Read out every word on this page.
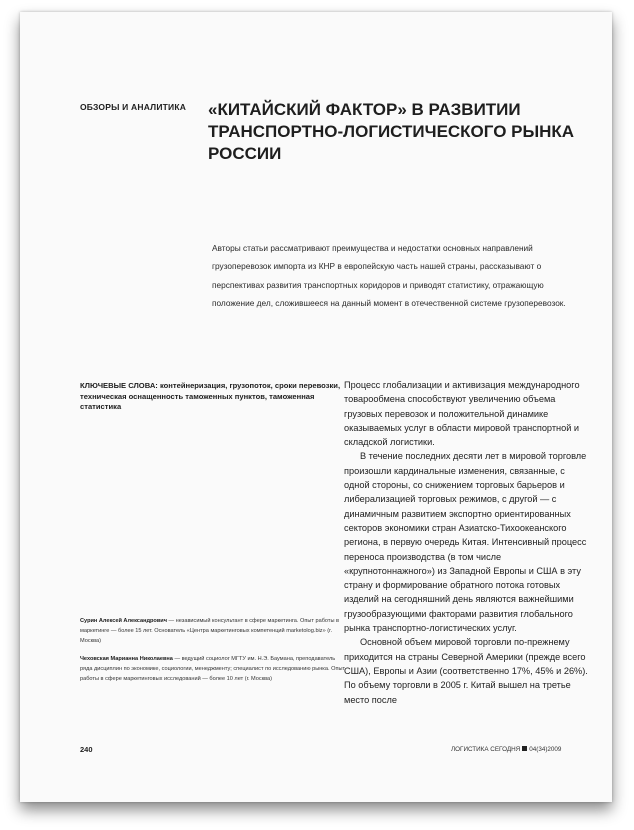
ОБЗОРЫ И АНАЛИТИКА «КИТАЙСКИЙ ФАКТОР» В РАЗВИТИИ ТРАНСПОРТНО-ЛОГИСТИЧЕСКОГО РЫНКА РОССИИ

Авторы статьи рассматривают преимущества и недостатки основных направлений грузоперевозок импорта из КНР в европейскую часть нашей страны, рассказывают о перспективах развития транспортных коридоров и приводят статистику, отражающую положение дел, сложившееся на данный момент в отечественной системе грузоперевозок.

КЛЮЧЕВЫЕ СЛОВА: контейнеризация, грузопоток, сроки перевозки, техническая оснащенность таможенных пунктов, таможенная статистика

Сурин Алексей Александрович — независимый консультант в сфере маркетинга. Опыт работы в маркетинге — более 15 лет. Основатель «Центра маркетинговых компетенций marketolog.biz» (г. Москва)

Чеховская Марианна Николаевна — ведущий социолог МГТУ им. Н.Э. Баумана, преподаватель ряда дисциплин по экономике, социологии, менеджменту; специалист по исследованию рынка. Опыт работы в сфере маркетинговых исследований — более 10 лет (г. Москва)

Процесс глобализации и активизация международного товарообмена способствуют увеличению объема грузовых перевозок и положительной динамике оказываемых услуг в области мировой транспортной и складской логистики.

В течение последних десяти лет в мировой торговле произошли кардинальные изменения, связанные, с одной стороны, со снижением торговых барьеров и либерализацией торговых режимов, с другой — с динамичным развитием экспортно ориентированных секторов экономики стран Азиатско-Тихоокеанского региона, в первую очередь Китая. Интенсивный процесс переноса производства (в том числе «крупнотоннажного») из Западной Европы и США в эту страну и формирование обратного потока готовых изделий на сегодняшний день являются важнейшими грузообразующими факторами развития глобального рынка транспортно-логистических услуг.

Основной объем мировой торговли по-прежнему приходится на страны Северной Америки (прежде всего США), Европы и Азии (соответственно 17%, 45% и 26%). По объему торговли в 2005 г. Китай вышел на третье место после

240	ЛОГИСТИКА СЕГОДНЯ 04(34)2009
